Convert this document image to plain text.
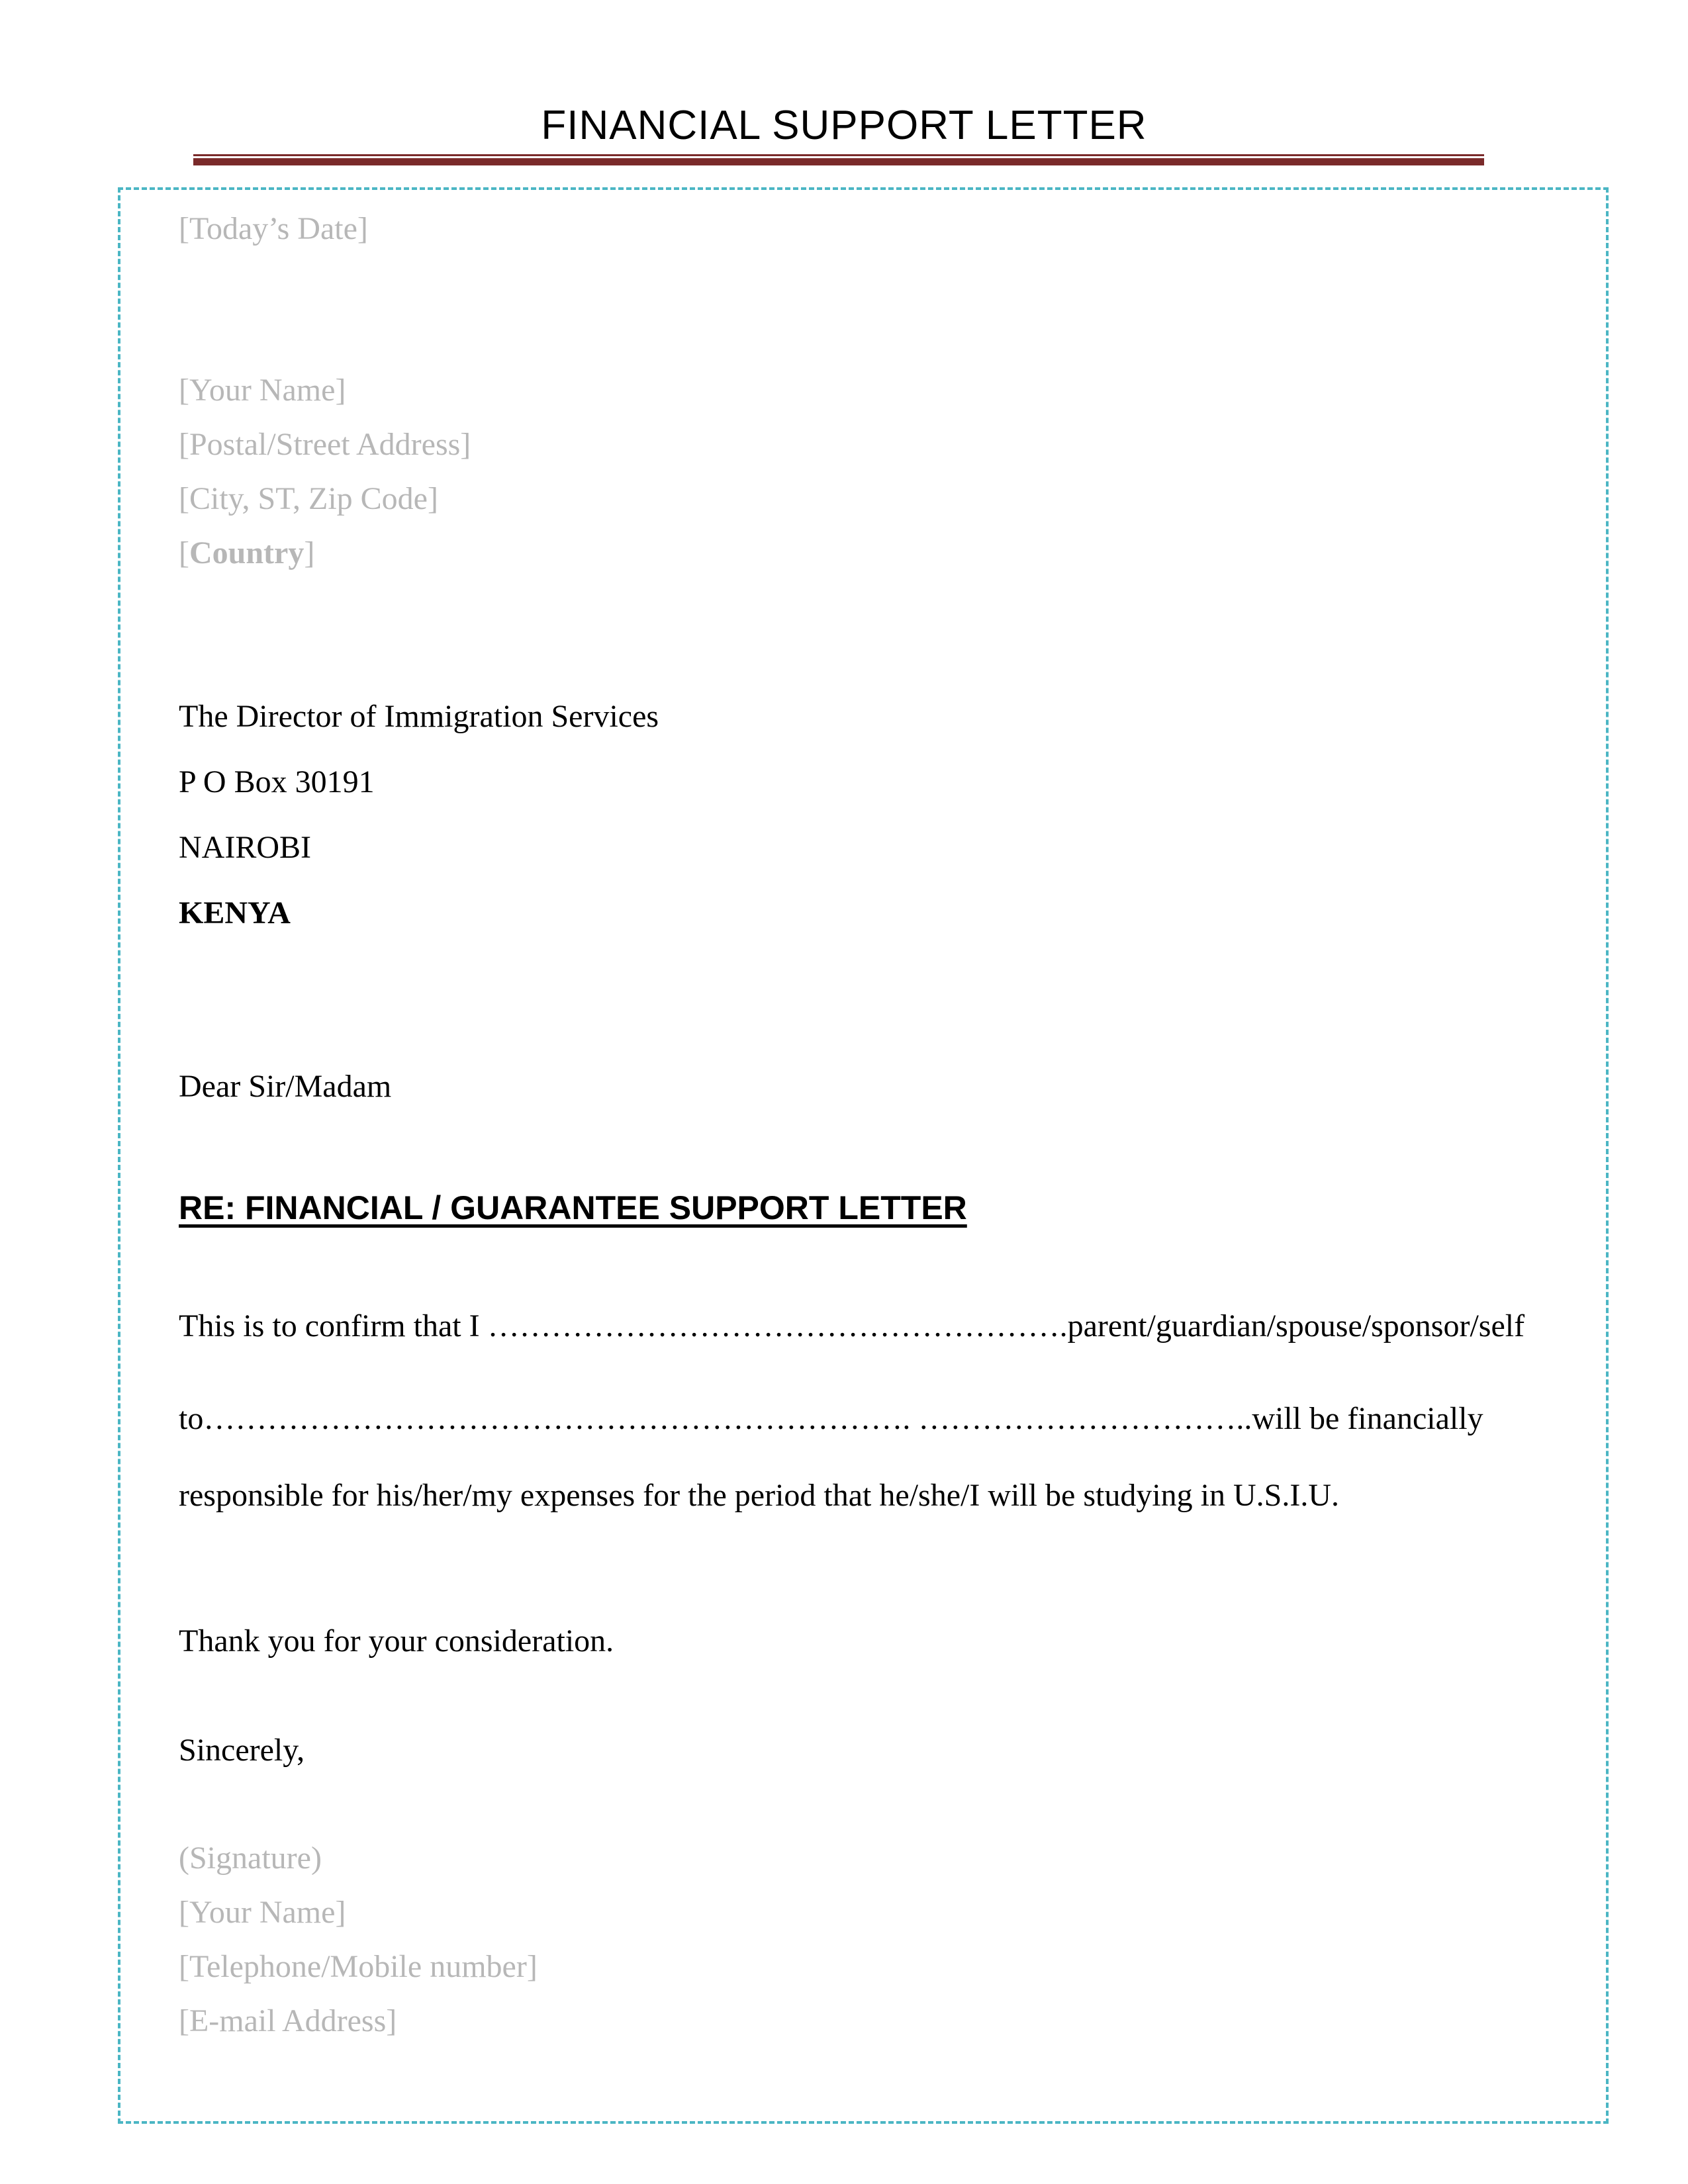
FINANCIAL SUPPORT LETTER
[Today’s Date]
[Your Name]
[Postal/Street Address]
[City, ST, Zip Code]
[Country]
The Director of Immigration Services
P O Box 30191
NAIROBI
KENYA
Dear Sir/Madam
RE: FINANCIAL / GUARANTEE SUPPORT LETTER
This is to confirm that I ……………………………………………….parent/guardian/spouse/sponsor/self
to…………………………………………………………. …………………………..will be financially
responsible for his/her/my expenses for the period that he/she/I will be studying in U.S.I.U.
Thank you for your consideration.
Sincerely,
(Signature)
[Your Name]
[Telephone/Mobile number]
[E-mail Address]
